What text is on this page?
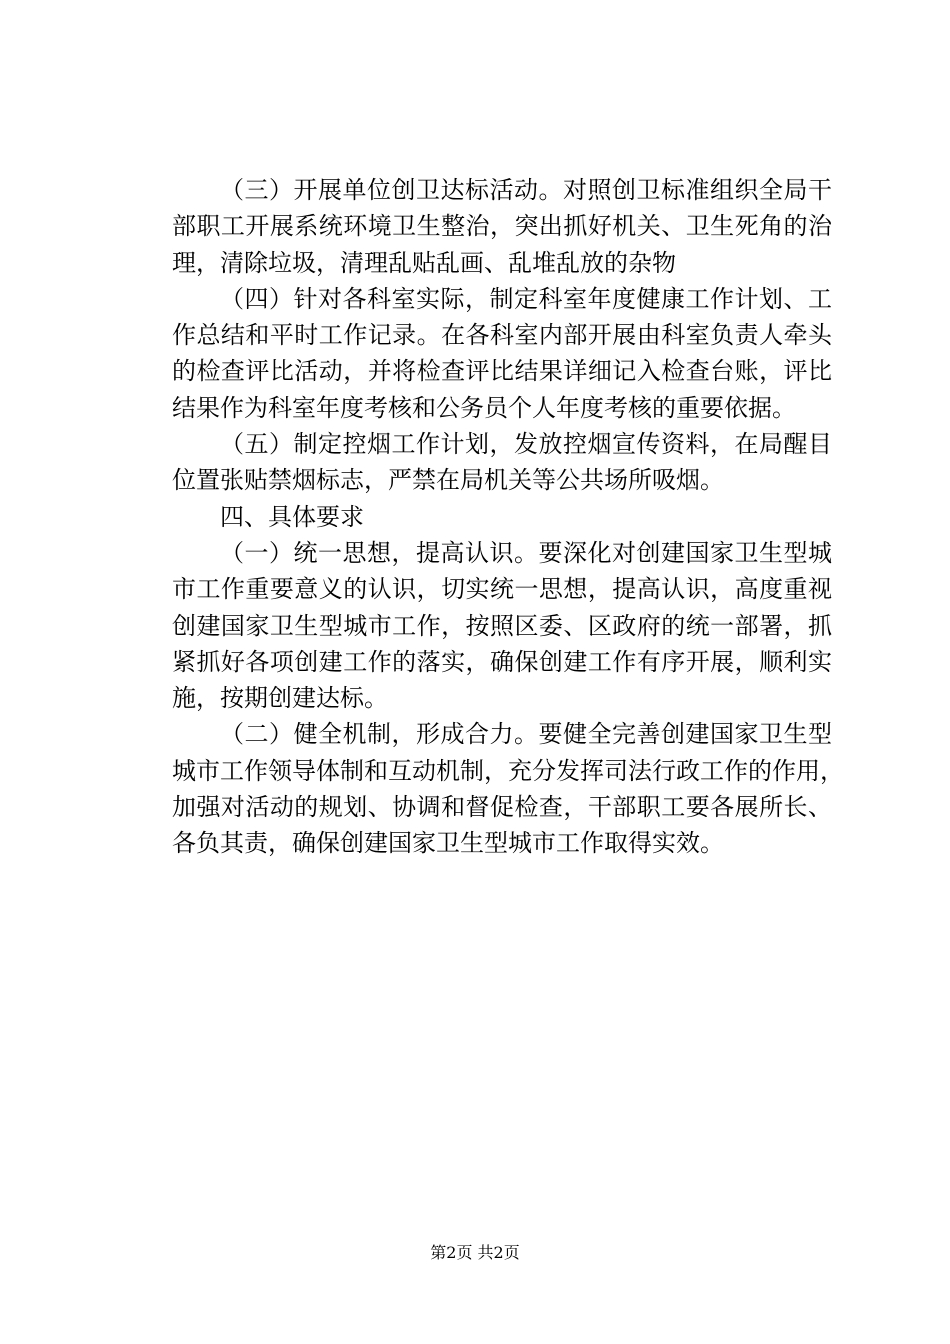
（三）开展单位创卫达标活动。对照创卫标准组织全局干
部职工开展系统环境卫生整治，突出抓好机关、卫生死角的治
理，清除垃圾，清理乱贴乱画、乱堆乱放的杂物
（四）针对各科室实际，制定科室年度健康工作计划、工
作总结和平时工作记录。在各科室内部开展由科室负责人牵头
的检查评比活动，并将检查评比结果详细记入检查台账，评比
结果作为科室年度考核和公务员个人年度考核的重要依据。
（五）制定控烟工作计划，发放控烟宣传资料，在局醒目
位置张贴禁烟标志，严禁在局机关等公共场所吸烟。
四、具体要求
（一）统一思想，提高认识。要深化对创建国家卫生型城
市工作重要意义的认识，切实统一思想，提高认识，高度重视
创建国家卫生型城市工作，按照区委、区政府的统一部署，抓
紧抓好各项创建工作的落实，确保创建工作有序开展，顺利实
施，按期创建达标。
（二）健全机制，形成合力。要健全完善创建国家卫生型
城市工作领导体制和互动机制，充分发挥司法行政工作的作用，
加强对活动的规划、协调和督促检查，干部职工要各展所长、
各负其责，确保创建国家卫生型城市工作取得实效。
第2页 共2页
